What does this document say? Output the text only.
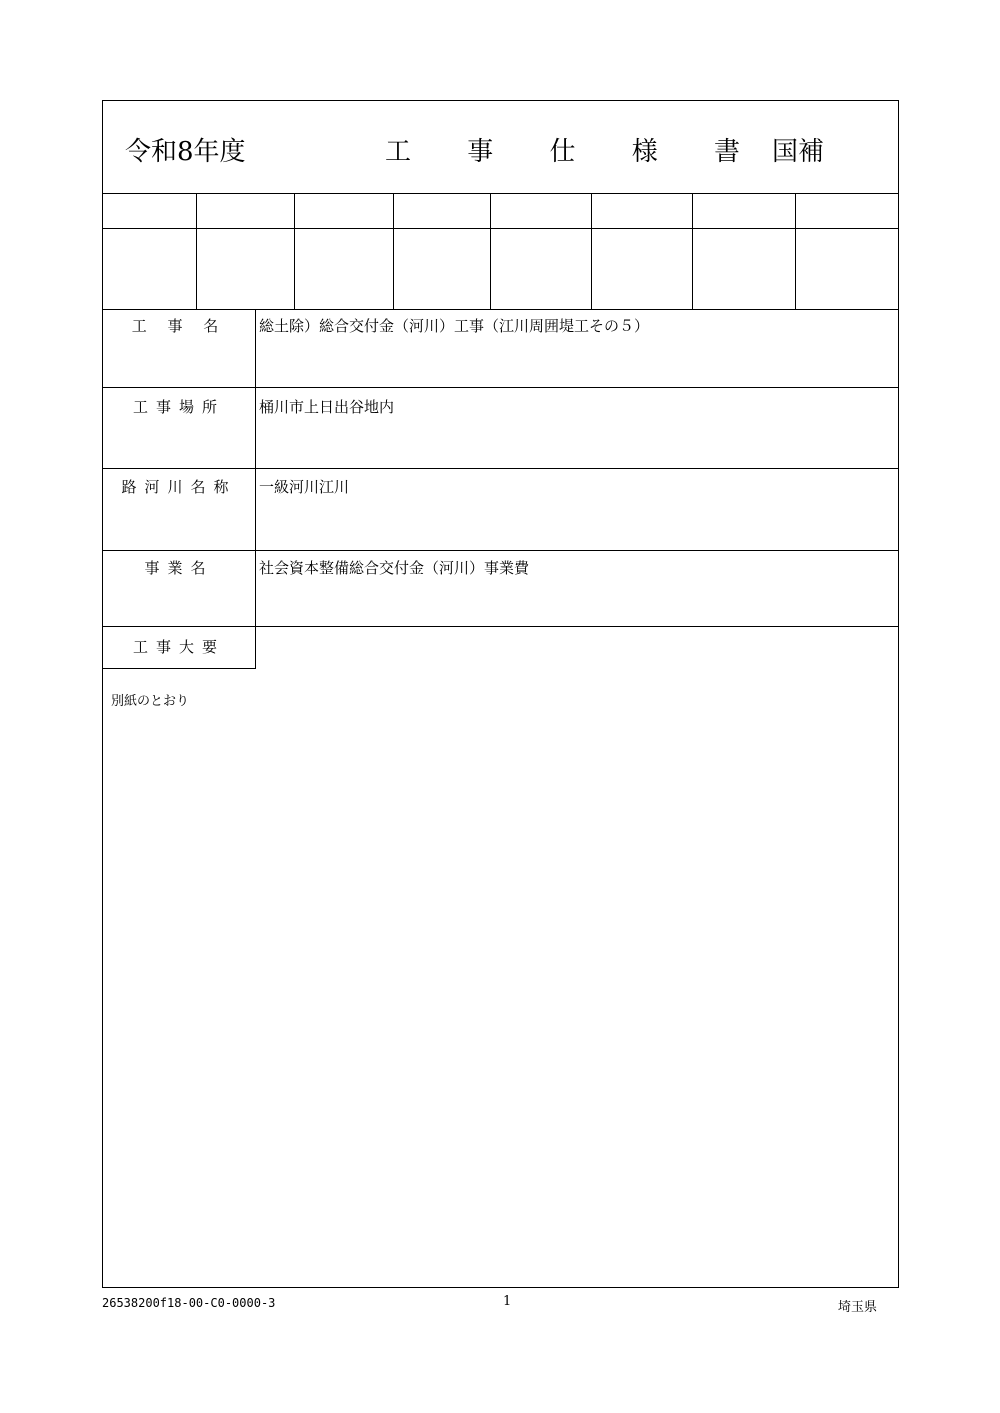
令和8年度	工 事 仕 様 書 国補
工 事 名	総土除）総合交付金（河川）工事（江川周囲堤工その５）
工事場所	桶川市上日出谷地内
路河川名称	一級河川江川
事業名	社会資本整備総合交付金（河川）事業費
工事大要
別紙のとおり
26538200f18-00-C0-0000-3	1	埼玉県
